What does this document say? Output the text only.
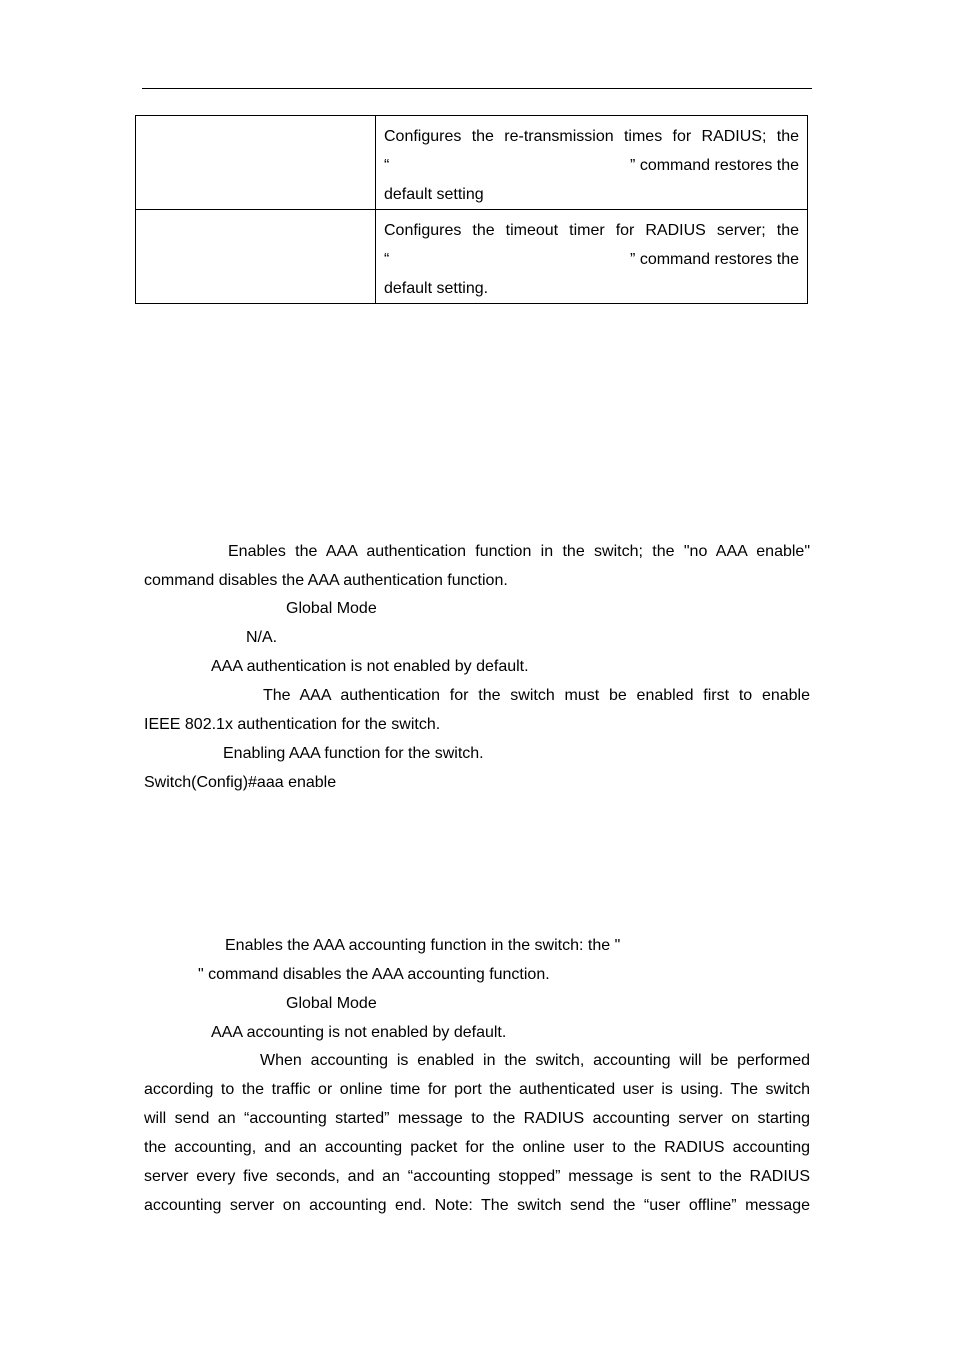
	Configures the re-transmission times for RADIUS; the
“ ” command restores the
default setting

	Configures the timeout timer for RADIUS server; the
“ ” command restores the
default setting.
Enables the AAA authentication function in the switch; the "no AAA enable"
command disables the AAA authentication function.
Global Mode
N/A.
AAA authentication is not enabled by default.
The AAA authentication for the switch must be enabled first to enable
IEEE 802.1x authentication for the switch.
Enabling AAA function for the switch.
Switch(Config)#aaa enable
Enables the AAA accounting function in the switch: the "
" command disables the AAA accounting function.
Global Mode
AAA accounting is not enabled by default.
When accounting is enabled in the switch, accounting will be performed
according to the traffic or online time for port the authenticated user is using. The switch
will send an “accounting started” message to the RADIUS accounting server on starting
the accounting, and an accounting packet for the online user to the RADIUS accounting
server every five seconds, and an “accounting stopped” message is sent to the RADIUS
accounting server on accounting end. Note: The switch send the “user offline” message
